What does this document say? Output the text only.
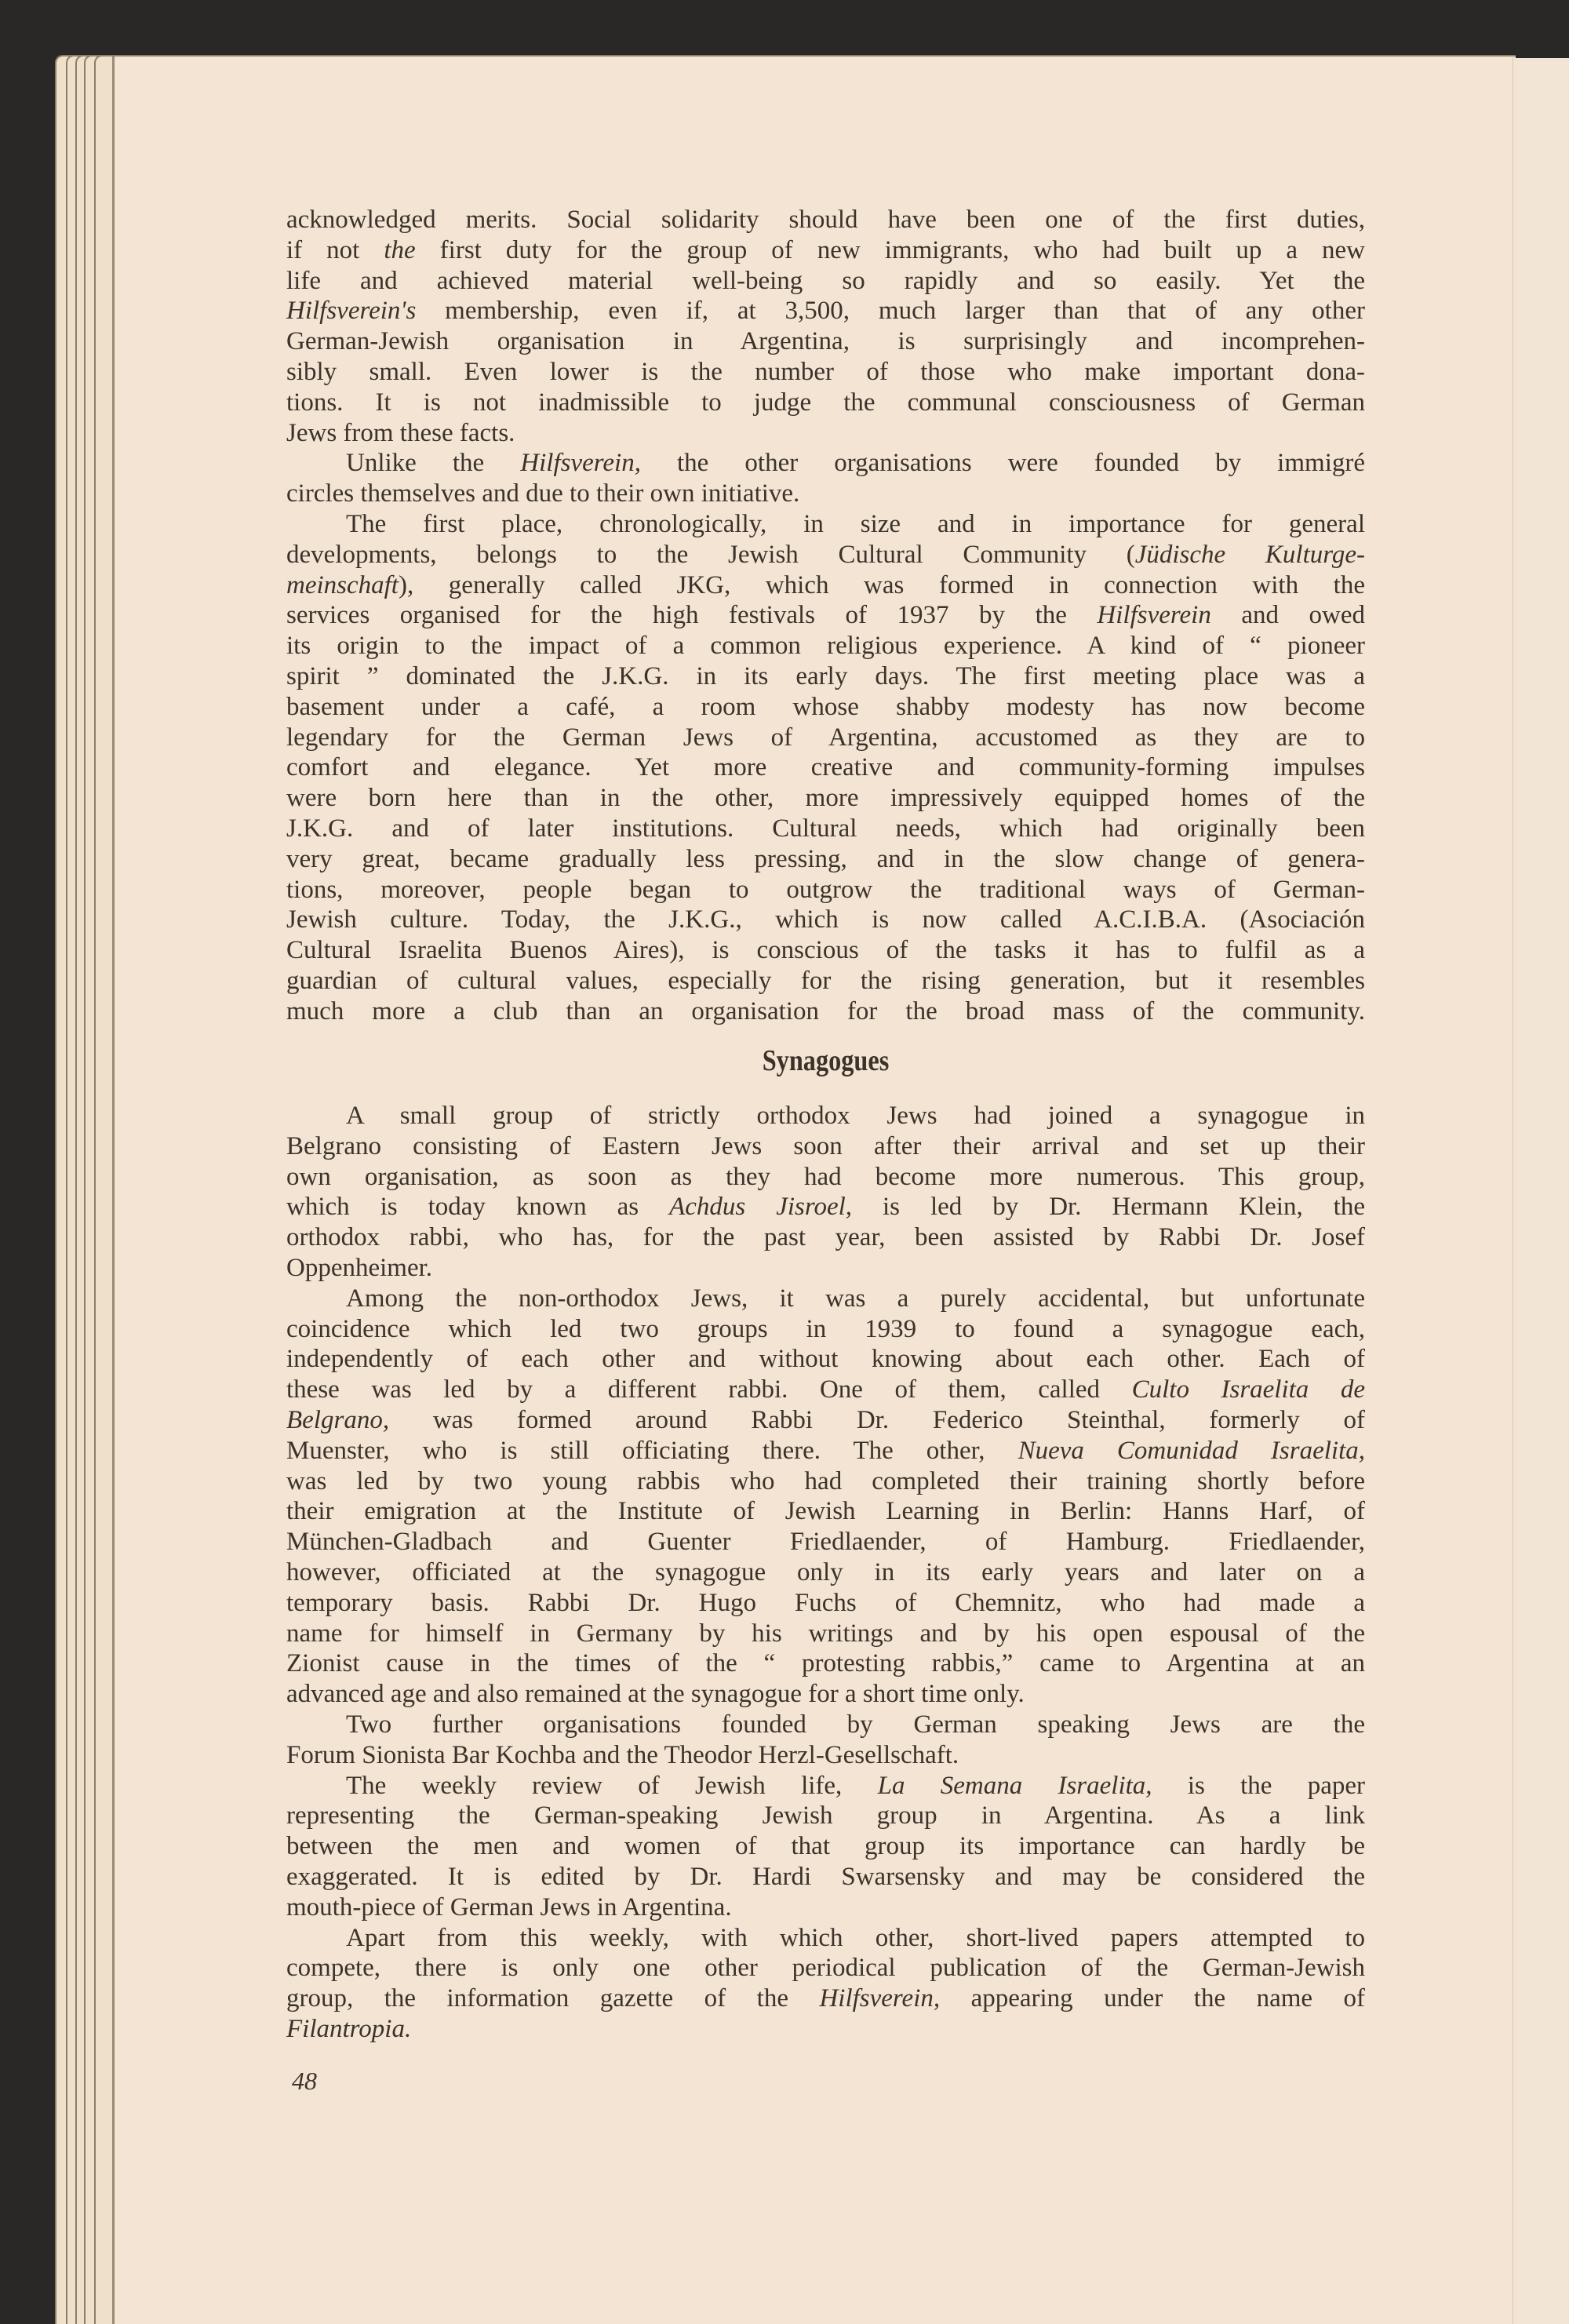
acknowledged merits. Social solidarity should have been one of the first duties,
if not the first duty for the group of new immigrants, who had built up a new
life and achieved material well-being so rapidly and so easily. Yet the
Hilfsverein's membership, even if, at 3,500, much larger than that of any other
German-Jewish organisation in Argentina, is surprisingly and incomprehen-
sibly small. Even lower is the number of those who make important dona-
tions. It is not inadmissible to judge the communal consciousness of German
Jews from these facts.
Unlike the Hilfsverein, the other organisations were founded by immigré
circles themselves and due to their own initiative.
The first place, chronologically, in size and in importance for general
developments, belongs to the Jewish Cultural Community (Jüdische Kulturge-
meinschaft), generally called JKG, which was formed in connection with the
services organised for the high festivals of 1937 by the Hilfsverein and owed
its origin to the impact of a common religious experience. A kind of “ pioneer
spirit ” dominated the J.K.G. in its early days. The first meeting place was a
basement under a café, a room whose shabby modesty has now become
legendary for the German Jews of Argentina, accustomed as they are to
comfort and elegance. Yet more creative and community-forming impulses
were born here than in the other, more impressively equipped homes of the
J.K.G. and of later institutions. Cultural needs, which had originally been
very great, became gradually less pressing, and in the slow change of genera-
tions, moreover, people began to outgrow the traditional ways of German-
Jewish culture. Today, the J.K.G., which is now called A.C.I.B.A. (Asociación
Cultural Israelita Buenos Aires), is conscious of the tasks it has to fulfil as a
guardian of cultural values, especially for the rising generation, but it resembles
much more a club than an organisation for the broad mass of the community.
Synagogues
A small group of strictly orthodox Jews had joined a synagogue in
Belgrano consisting of Eastern Jews soon after their arrival and set up their
own organisation, as soon as they had become more numerous. This group,
which is today known as Achdus Jisroel, is led by Dr. Hermann Klein, the
orthodox rabbi, who has, for the past year, been assisted by Rabbi Dr. Josef
Oppenheimer.
Among the non-orthodox Jews, it was a purely accidental, but unfortunate
coincidence which led two groups in 1939 to found a synagogue each,
independently of each other and without knowing about each other. Each of
these was led by a different rabbi. One of them, called Culto Israelita de
Belgrano, was formed around Rabbi Dr. Federico Steinthal, formerly of
Muenster, who is still officiating there. The other, Nueva Comunidad Israelita,
was led by two young rabbis who had completed their training shortly before
their emigration at the Institute of Jewish Learning in Berlin: Hanns Harf, of
München-Gladbach and Guenter Friedlaender, of Hamburg. Friedlaender,
however, officiated at the synagogue only in its early years and later on a
temporary basis. Rabbi Dr. Hugo Fuchs of Chemnitz, who had made a
name for himself in Germany by his writings and by his open espousal of the
Zionist cause in the times of the “ protesting rabbis,” came to Argentina at an
advanced age and also remained at the synagogue for a short time only.
Two further organisations founded by German speaking Jews are the
Forum Sionista Bar Kochba and the Theodor Herzl-Gesellschaft.
The weekly review of Jewish life, La Semana Israelita, is the paper
representing the German-speaking Jewish group in Argentina. As a link
between the men and women of that group its importance can hardly be
exaggerated. It is edited by Dr. Hardi Swarsensky and may be considered the
mouth-piece of German Jews in Argentina.
Apart from this weekly, with which other, short-lived papers attempted to
compete, there is only one other periodical publication of the German-Jewish
group, the information gazette of the Hilfsverein, appearing under the name of
Filantropia.
48
